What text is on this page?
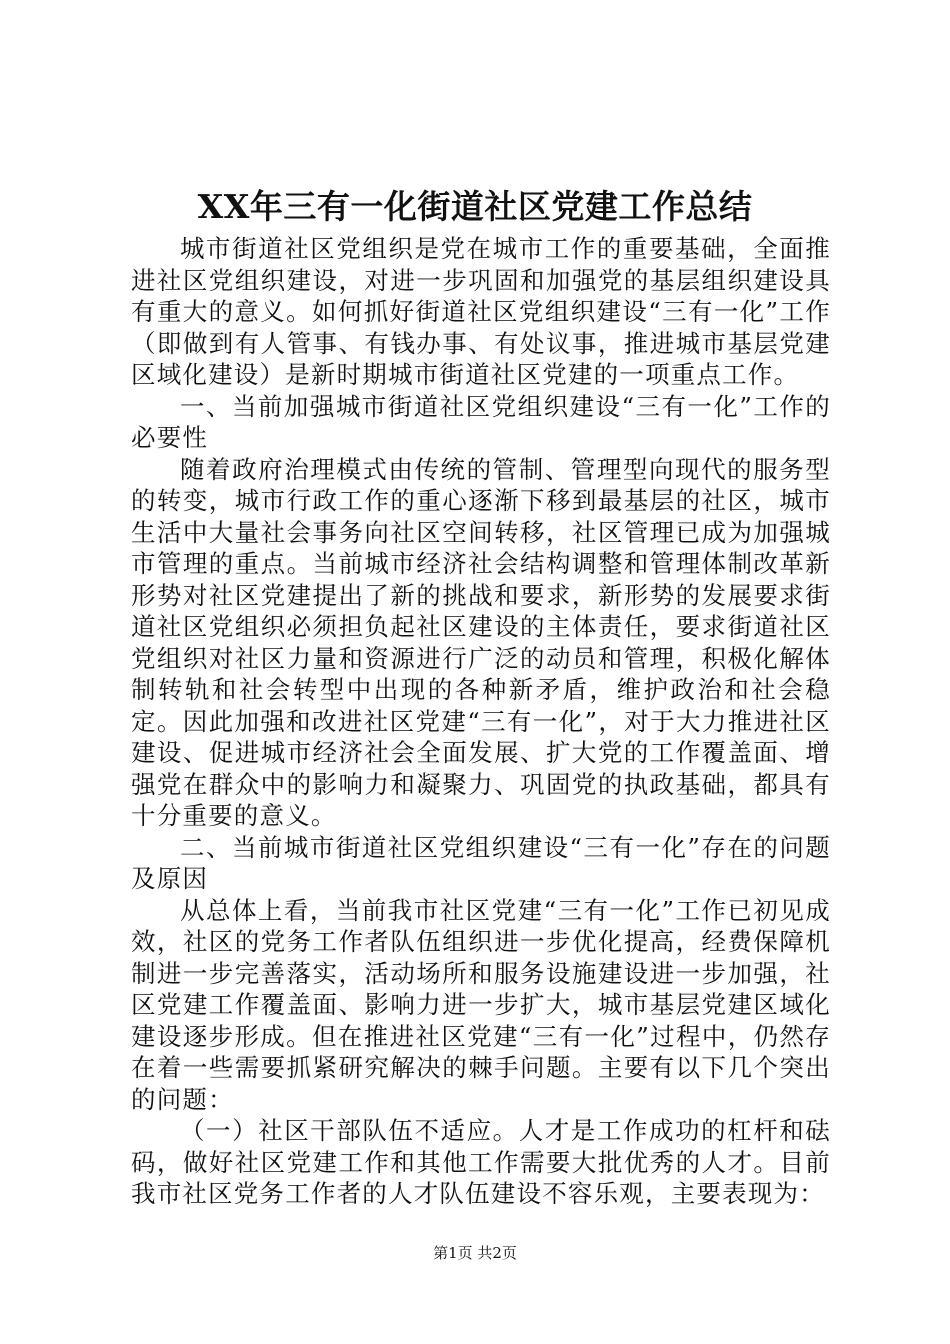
XX年三有一化街道社区党建工作总结

城市街道社区党组织是党在城市工作的重要基础，全面推进社区党组织建设，对进一步巩固和加强党的基层组织建设具有重大的意义。如何抓好街道社区党组织建设“三有一化”工作（即做到有人管事、有钱办事、有处议事，推进城市基层党建区域化建设）是新时期城市街道社区党建的一项重点工作。

一、当前加强城市街道社区党组织建设“三有一化”工作的必要性

随着政府治理模式由传统的管制、管理型向现代的服务型的转变，城市行政工作的重心逐渐下移到最基层的社区，城市生活中大量社会事务向社区空间转移，社区管理已成为加强城市管理的重点。当前城市经济社会结构调整和管理体制改革新形势对社区党建提出了新的挑战和要求，新形势的发展要求街道社区党组织必须担负起社区建设的主体责任，要求街道社区党组织对社区力量和资源进行广泛的动员和管理，积极化解体制转轨和社会转型中出现的各种新矛盾，维护政治和社会稳定。因此加强和改进社区党建“三有一化”，对于大力推进社区建设、促进城市经济社会全面发展、扩大党的工作覆盖面、增强党在群众中的影响力和凝聚力、巩固党的执政基础，都具有十分重要的意义。

二、当前城市街道社区党组织建设“三有一化”存在的问题及原因

从总体上看，当前我市社区党建“三有一化”工作已初见成效，社区的党务工作者队伍组织进一步优化提高，经费保障机制进一步完善落实，活动场所和服务设施建设进一步加强，社区党建工作覆盖面、影响力进一步扩大，城市基层党建区域化建设逐步形成。但在推进社区党建“三有一化”过程中，仍然存在着一些需要抓紧研究解决的棘手问题。主要有以下几个突出的问题：

（一）社区干部队伍不适应。人才是工作成功的杠杆和砝码，做好社区党建工作和其他工作需要大批优秀的人才。目前我市社区党务工作者的人才队伍建设不容乐观，主要表现为：

第1页 共2页
